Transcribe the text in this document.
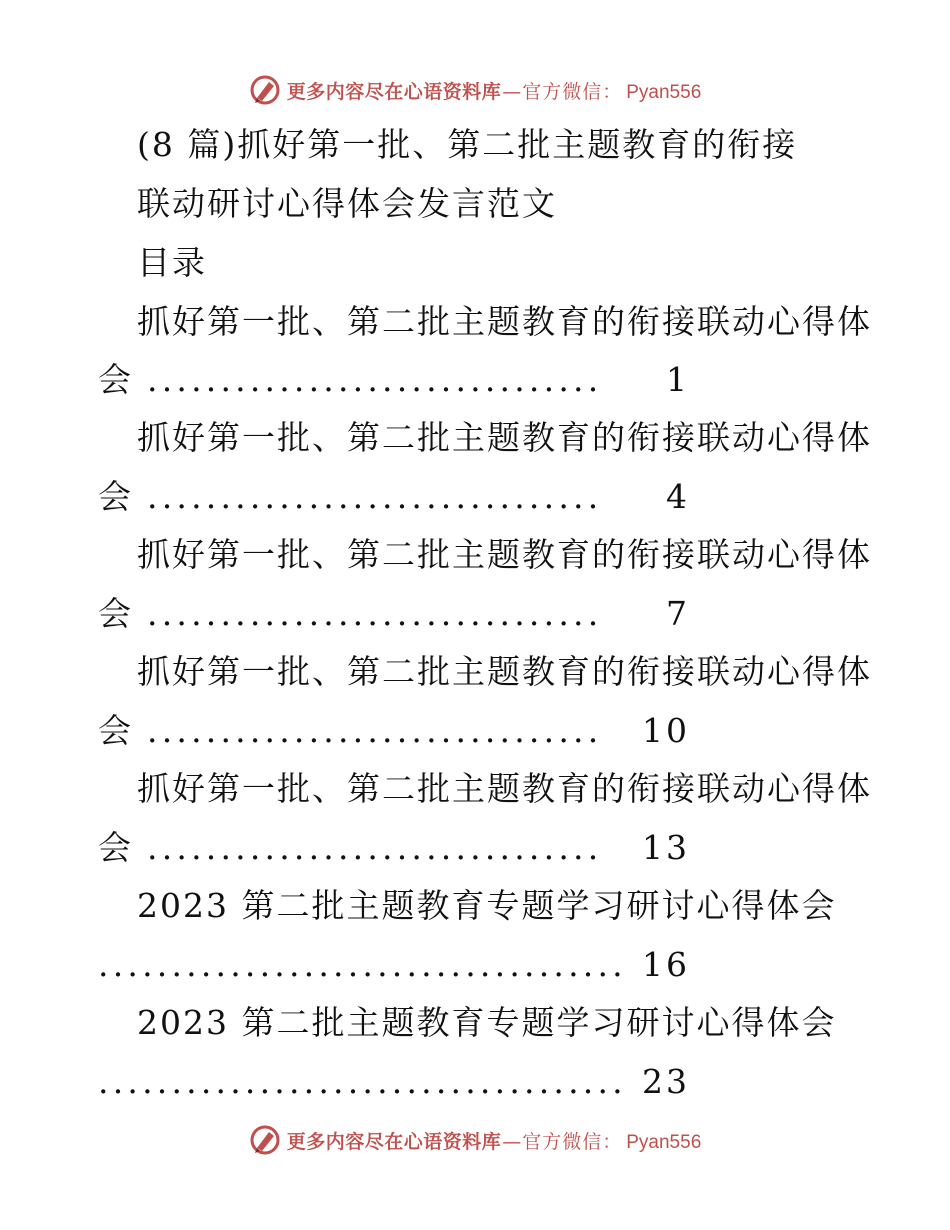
更多内容尽在心语资料库 — 官方微信： Pyan556
(8 篇)抓好第一批、第二批主题教育的衔接
联动研讨心得体会发言范文
目录
抓好第一批、第二批主题教育的衔接联动心得体
会 ...............................	1
抓好第一批、第二批主题教育的衔接联动心得体
会 ...............................	4
抓好第一批、第二批主题教育的衔接联动心得体
会 ...............................	7
抓好第一批、第二批主题教育的衔接联动心得体
会 ...............................	10
抓好第一批、第二批主题教育的衔接联动心得体
会 ...............................	13
2023 第二批主题教育专题学习研讨心得体会
.................................... 16
2023 第二批主题教育专题学习研讨心得体会
.................................... 23
更多内容尽在心语资料库 — 官方微信： Pyan556
